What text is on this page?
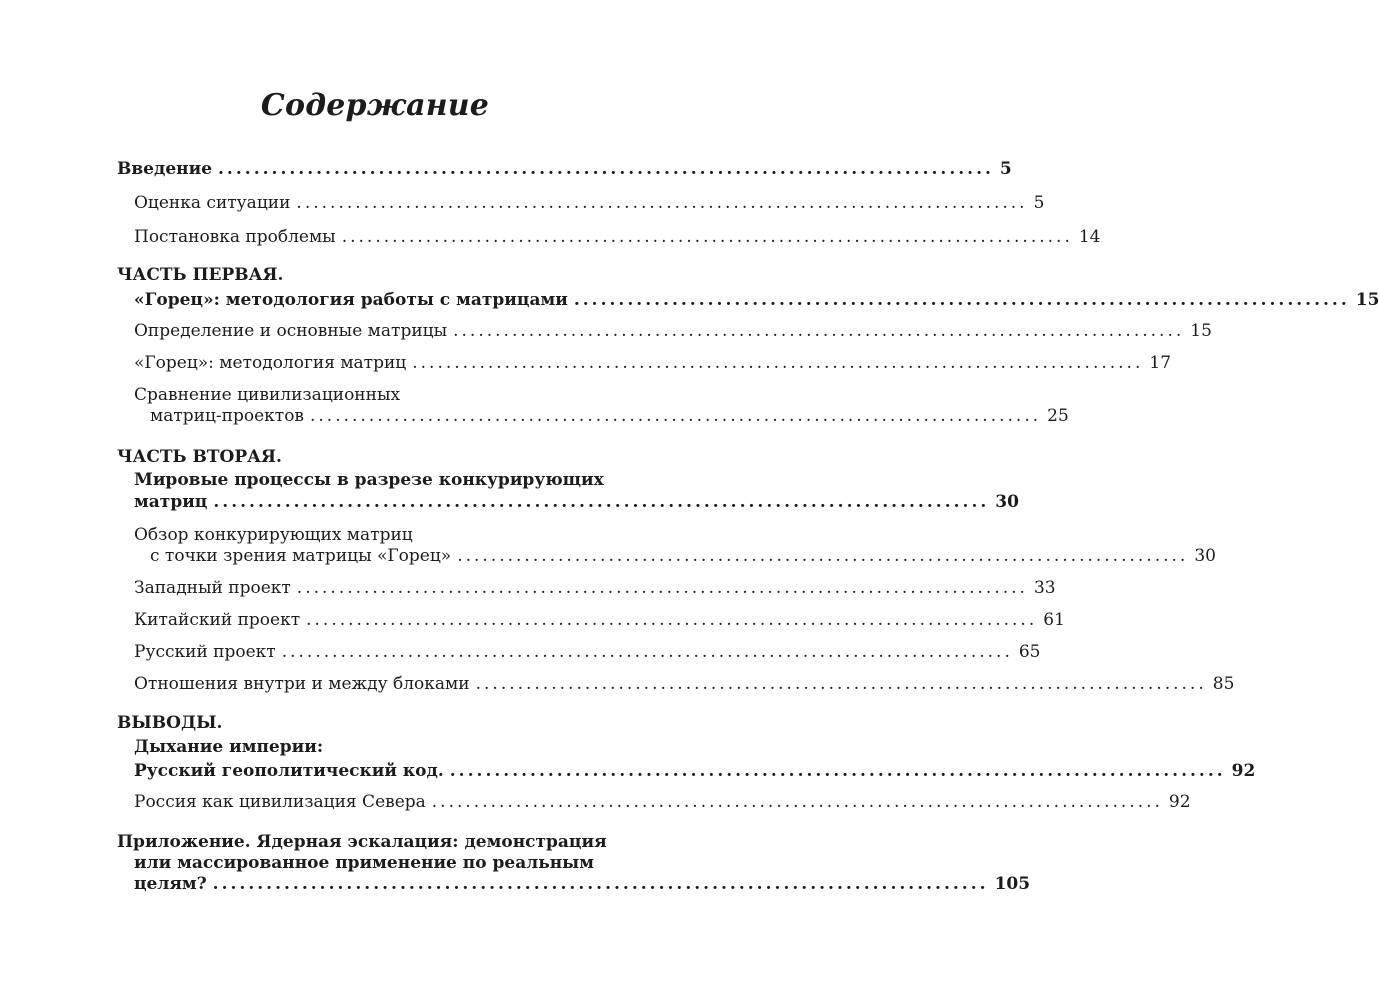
Содержание
Введение ....................................................................................... 5
Оценка ситуации ....................................................................................... 5
Постановка проблемы ....................................................................................... 14
ЧАСТЬ ПЕРВАЯ.
«Горец»: методология работы с матрицами ....................................................................................... 15
Определение и основные матрицы ....................................................................................... 15
«Горец»: методология матриц ....................................................................................... 17
Сравнение цивилизационных
матриц-проектов ....................................................................................... 25
ЧАСТЬ ВТОРАЯ.
Мировые процессы в разрезе конкурирующих
матриц ....................................................................................... 30
Обзор конкурирующих матриц
с точки зрения матрицы «Горец» ....................................................................................... 30
Западный проект ....................................................................................... 33
Китайский проект ....................................................................................... 61
Русский проект ....................................................................................... 65
Отношения внутри и между блоками ....................................................................................... 85
ВЫВОДЫ.
Дыхание империи:
Русский геополитический код. ....................................................................................... 92
Россия как цивилизация Севера ....................................................................................... 92
Приложение. Ядерная эскалация: демонстрация
или массированное применение по реальным
целям? ....................................................................................... 105
